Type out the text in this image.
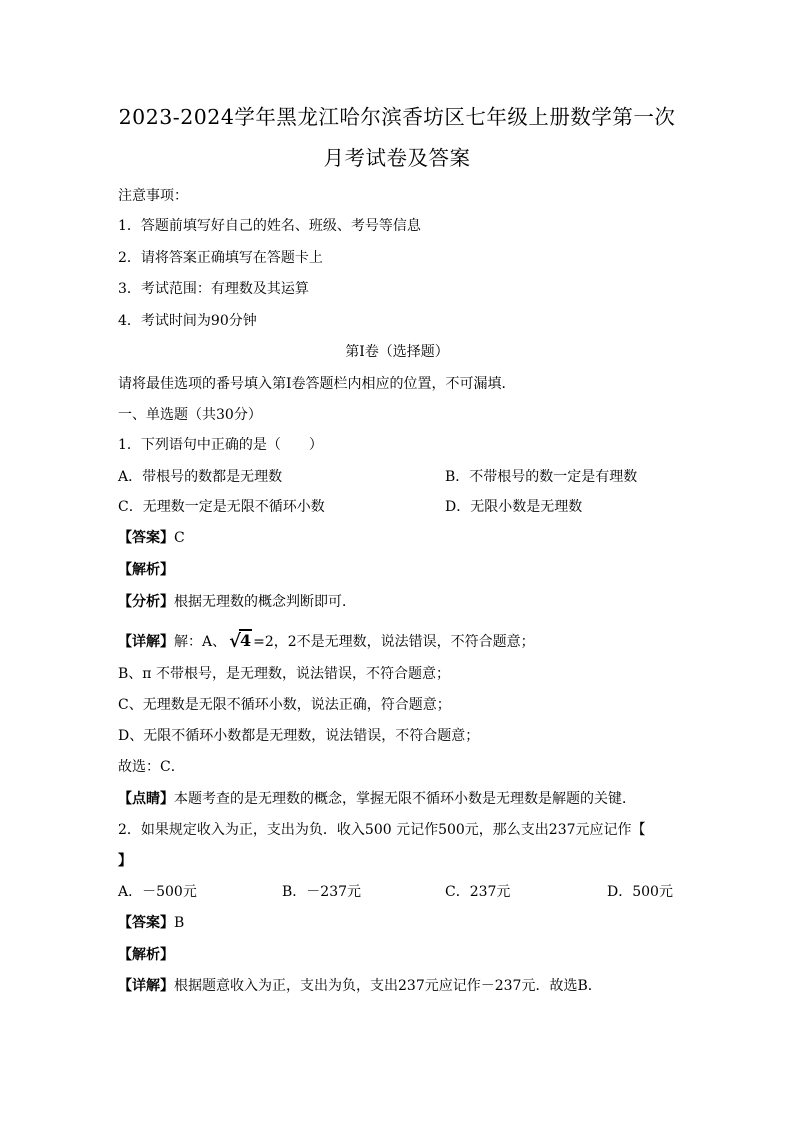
2023-2024学年黑龙江哈尔滨香坊区七年级上册数学第一次
月考试卷及答案
注意事项：
1．答题前填写好自己的姓名、班级、考号等信息
2．请将答案正确填写在答题卡上
3．考试范围：有理数及其运算
4．考试时间为90分钟
第I卷（选择题）
请将最佳选项的番号填入第I卷答题栏内相应的位置，不可漏填．
一、单选题（共30分）
1．下列语句中正确的是（　　）
A．带根号的数都是无理数	B．不带根号的数一定是有理数
C．无理数一定是无限不循环小数	D．无限小数是无理数
【答案】C
【解析】
【分析】根据无理数的概念判断即可．
【详解】解：A、 √4 =2，2不是无理数，说法错误，不符合题意；
B、π 不带根号，是无理数，说法错误，不符合题意；
C、无理数是无限不循环小数，说法正确，符合题意；
D、无限不循环小数都是无理数，说法错误，不符合题意；
故选：C．
【点睛】本题考查的是无理数的概念，掌握无限不循环小数是无理数是解题的关键．
2．如果规定收入为正，支出为负．收入500 元记作500元，那么支出237元应记作【
】
A．－500元	B．－237元	C．237元	D．500元
【答案】B
【解析】
【详解】根据题意收入为正，支出为负，支出237元应记作－237元．故选B．
